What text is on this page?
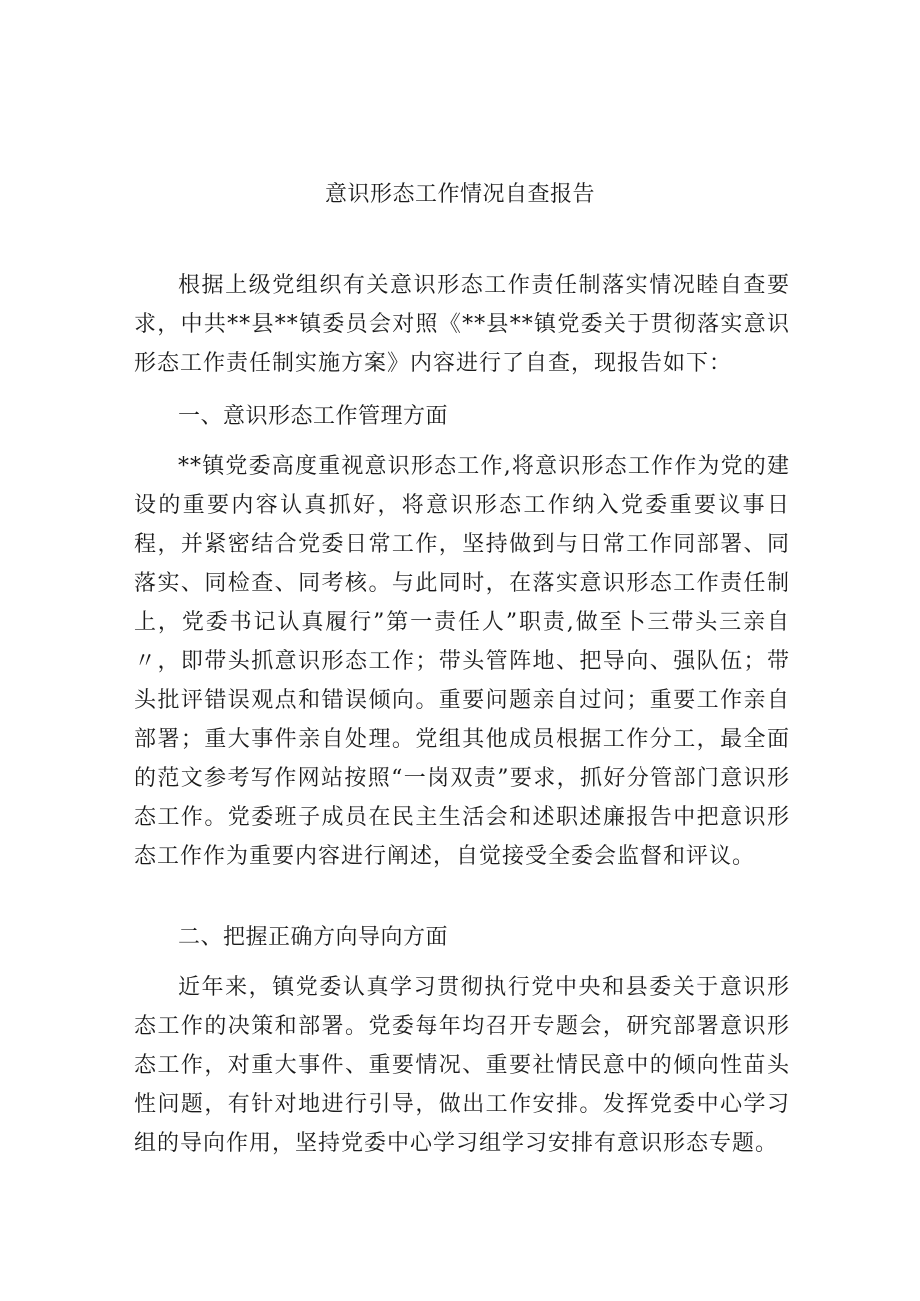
意识形态工作情况自查报告

根据上级党组织有关意识形态工作责任制落实情况睦自查要求，中共**县**镇委员会对照《**县**镇党委关于贯彻落实意识形态工作责任制实施方案》内容进行了自查，现报告如下：

一、意识形态工作管理方面

**镇党委高度重视意识形态工作,将意识形态工作作为党的建设的重要内容认真抓好，将意识形态工作纳入党委重要议事日程，并紧密结合党委日常工作，坚持做到与日常工作同部署、同落实、同检查、同考核。与此同时，在落实意识形态工作责任制上，党委书记认真履行”第一责任人”职责,做至卜三带头三亲自〃，即带头抓意识形态工作；带头管阵地、把导向、强队伍；带头批评错误观点和错误倾向。重要问题亲自过问；重要工作亲自部署；重大事件亲自处理。党组其他成员根据工作分工，最全面的范文参考写作网站按照“一岗双责”要求，抓好分管部门意识形态工作。党委班子成员在民主生活会和述职述廉报告中把意识形态工作作为重要内容进行阐述，自觉接受全委会监督和评议。

二、把握正确方向导向方面

近年来，镇党委认真学习贯彻执行党中央和县委关于意识形态工作的决策和部署。党委每年均召开专题会，研究部署意识形态工作，对重大事件、重要情况、重要社情民意中的倾向性苗头性问题，有针对地进行引导，做出工作安排。发挥党委中心学习组的导向作用，坚持党委中心学习组学习安排有意识形态专题。
